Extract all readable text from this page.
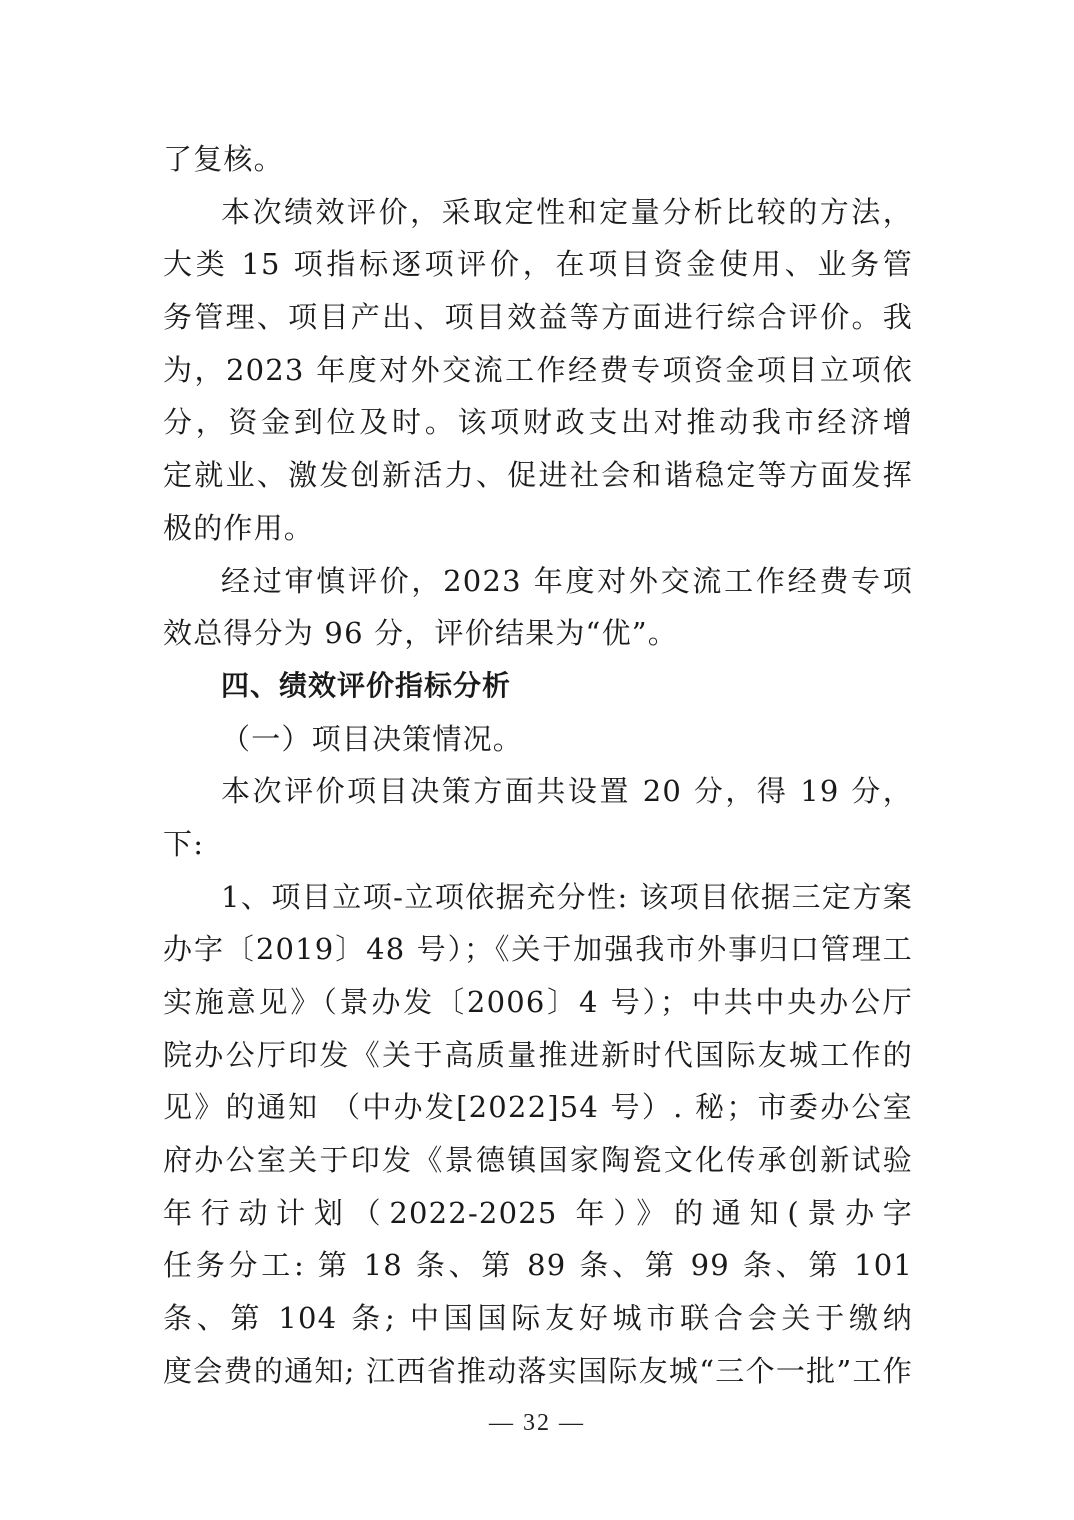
了复核。
本次绩效评价，采取定性和定量分析比较的方法，
大类 15 项指标逐项评价，在项目资金使用、业务管
务管理、项目产出、项目效益等方面进行综合评价。我
为，2023 年度对外交流工作经费专项资金项目立项依
分，资金到位及时。该项财政支出对推动我市经济增
定就业、激发创新活力、促进社会和谐稳定等方面发挥
极的作用。
经过审慎评价，2023 年度对外交流工作经费专项
效总得分为 96 分，评价结果为“优”。
四、绩效评价指标分析
（一）项目决策情况。
本次评价项目决策方面共设置 20 分，得 19 分，
下:
1、项目立项-立项依据充分性: 该项目依据三定方案
办字〔2019〕48 号）；《关于加强我市外事归口管理工
实施意见》（景办发〔2006〕4 号）；中共中央办公厅
院办公厅印发《关于高质量推进新时代国际友城工作的
见》的通知 （中办发[2022]54 号）. 秘；市委办公室
府办公室关于印发《景德镇国家陶瓷文化传承创新试验
年行动计划（2022-2025 年）》的通知(景办字
任务分工: 第 18 条、第 89 条、第 99 条、第 101
条、第 104 条; 中国国际友好城市联合会关于缴纳
度会费的通知; 江西省推动落实国际友城“三个一批”工作
— 32 —
